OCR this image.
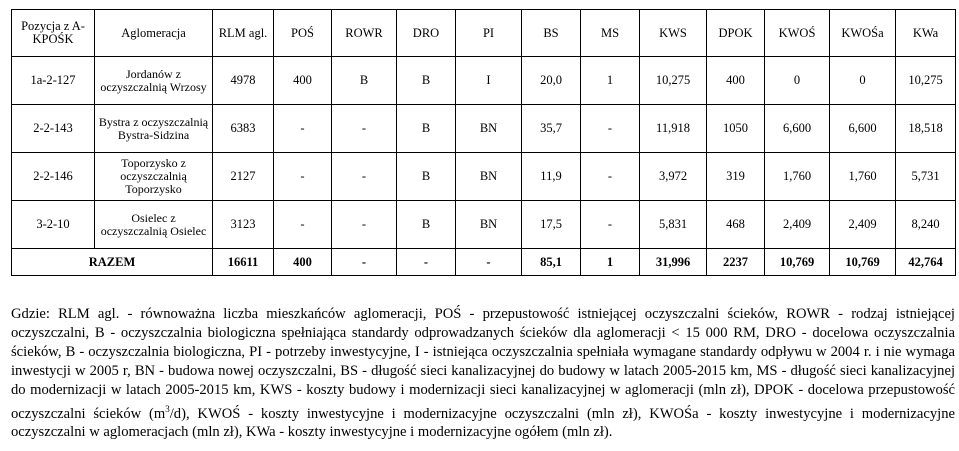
Pozycja z A-KPOŚK	Aglomeracja	RLM agl.	POŚ	ROWR	DRO	PI	BS	MS	KWS	DPOK	KWOŚ	KWOŚa	KWa
1a-2-127	Jordanów z oczyszczalnią Wrzosy	4978	400	B	B	I	20,0	1	10,275	400	0	0	10,275
2-2-143	Bystra z oczyszczalnią Bystra-Sidzina	6383	-	-	B	BN	35,7	-	11,918	1050	6,600	6,600	18,518
2-2-146	Toporzysko z oczyszczalnią Toporzysko	2127	-	-	B	BN	11,9	-	3,972	319	1,760	1,760	5,731
3-2-10	Osielec z oczyszczalnią Osielec	3123	-	-	B	BN	17,5	-	5,831	468	2,409	2,409	8,240
RAZEM		16611	400	-	-	-	85,1	1	31,996	2237	10,769	10,769	42,764

Gdzie: RLM agl. - równoważna liczba mieszkańców aglomeracji, POŚ - przepustowość istniejącej oczyszczalni ścieków, ROWR - rodzaj istniejącej oczyszczalni, B - oczyszczalnia biologiczna spełniająca standardy odprowadzanych ścieków dla aglomeracji < 15 000 RM, DRO - docelowa oczyszczalnia ścieków, B - oczyszczalnia biologiczna, PI - potrzeby inwestycyjne, I - istniejąca oczyszczalnia spełniała wymagane standardy odpływu w 2004 r. i nie wymaga inwestycji w 2005 r, BN - budowa nowej oczyszczalni, BS - długość sieci kanalizacyjnej do budowy w latach 2005-2015 km, MS - długość sieci kanalizacyjnej do modernizacji w latach 2005-2015 km, KWS - koszty budowy i modernizacji sieci kanalizacyjnej w aglomeracji (mln zł), DPOK - docelowa przepustowość oczyszczalni ścieków $(m^3/d)$, KWOŚ - koszty inwestycyjne i modernizacyjne oczyszczalni (mln zł), KWOŚa - koszty inwestycyjne i modernizacyjne oczyszczalni w aglomeracjach (mln zł), KWa - koszty inwestycyjne i modernizacyjne ogółem (mln zł).
